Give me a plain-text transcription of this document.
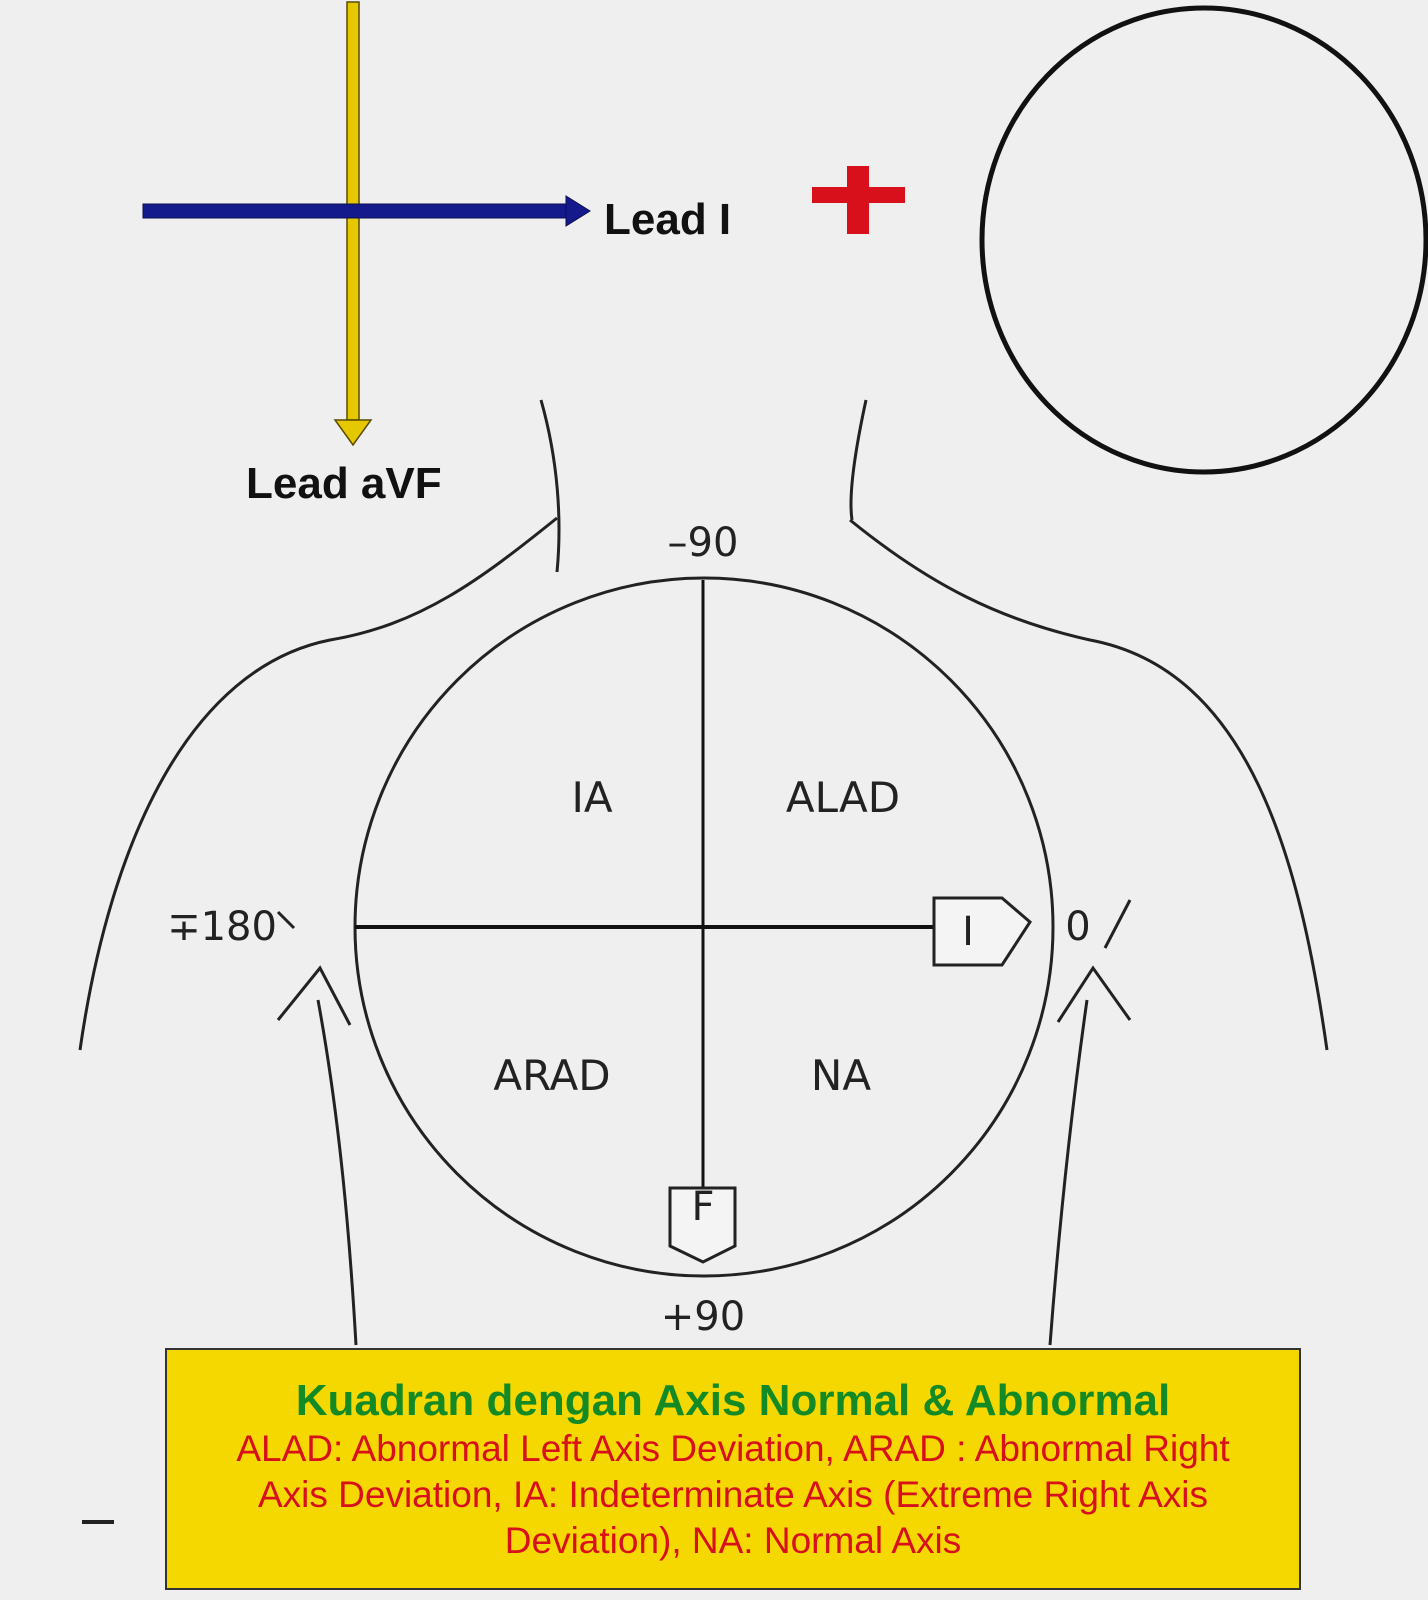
Lead I
Lead aVF
I
F
–90
+90
∓180	0
IA	ALAD
ARAD	NA
Kuadran dengan Axis Normal & Abnormal
ALAD: Abnormal Left Axis Deviation, ARAD : Abnormal Right Axis Deviation, IA: Indeterminate Axis (Extreme Right Axis Deviation), NA: Normal Axis
